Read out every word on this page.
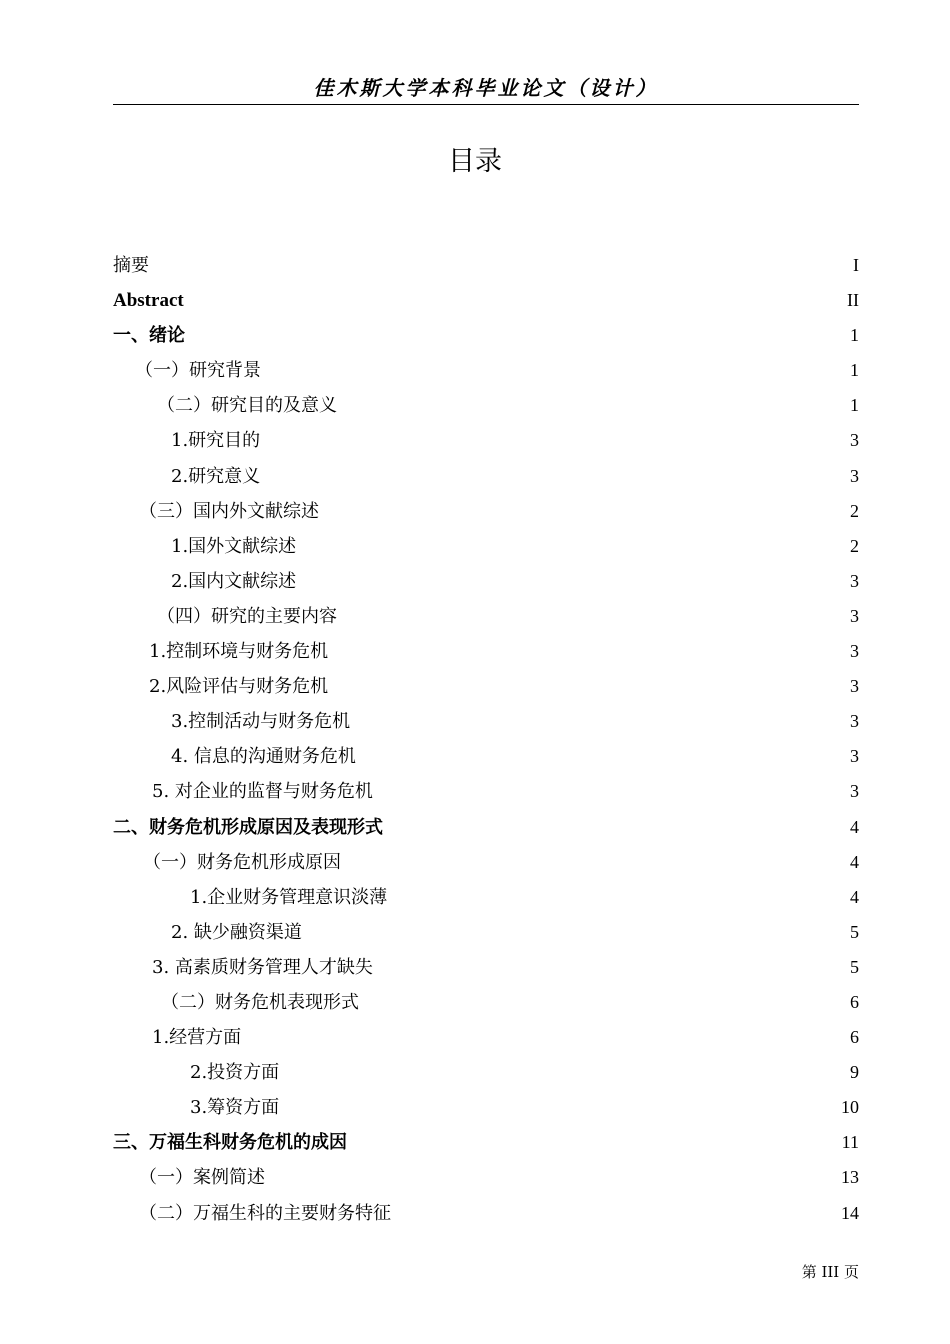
佳木斯大学本科毕业论文（设计）
目录
摘要	I
Abstract	II
一、绪论	1
（一）研究背景	1
（二）研究目的及意义	1
1.研究目的	3
2.研究意义	3
（三）国内外文献综述	2
1.国外文献综述	2
2.国内文献综述	3
（四）研究的主要内容	3
1.控制环境与财务危机	3
2.风险评估与财务危机	3
3.控制活动与财务危机	3
4. 信息的沟通财务危机	3
5. 对企业的监督与财务危机	3
二、财务危机形成原因及表现形式	4
（一）财务危机形成原因	4
1.企业财务管理意识淡薄	4
2. 缺少融资渠道	5
3. 高素质财务管理人才缺失	5
（二）财务危机表现形式	6
1.经营方面	6
2.投资方面	9
3.筹资方面	10
三、万福生科财务危机的成因	11
（一）案例简述	13
（二）万福生科的主要财务特征	14
第 III 页
